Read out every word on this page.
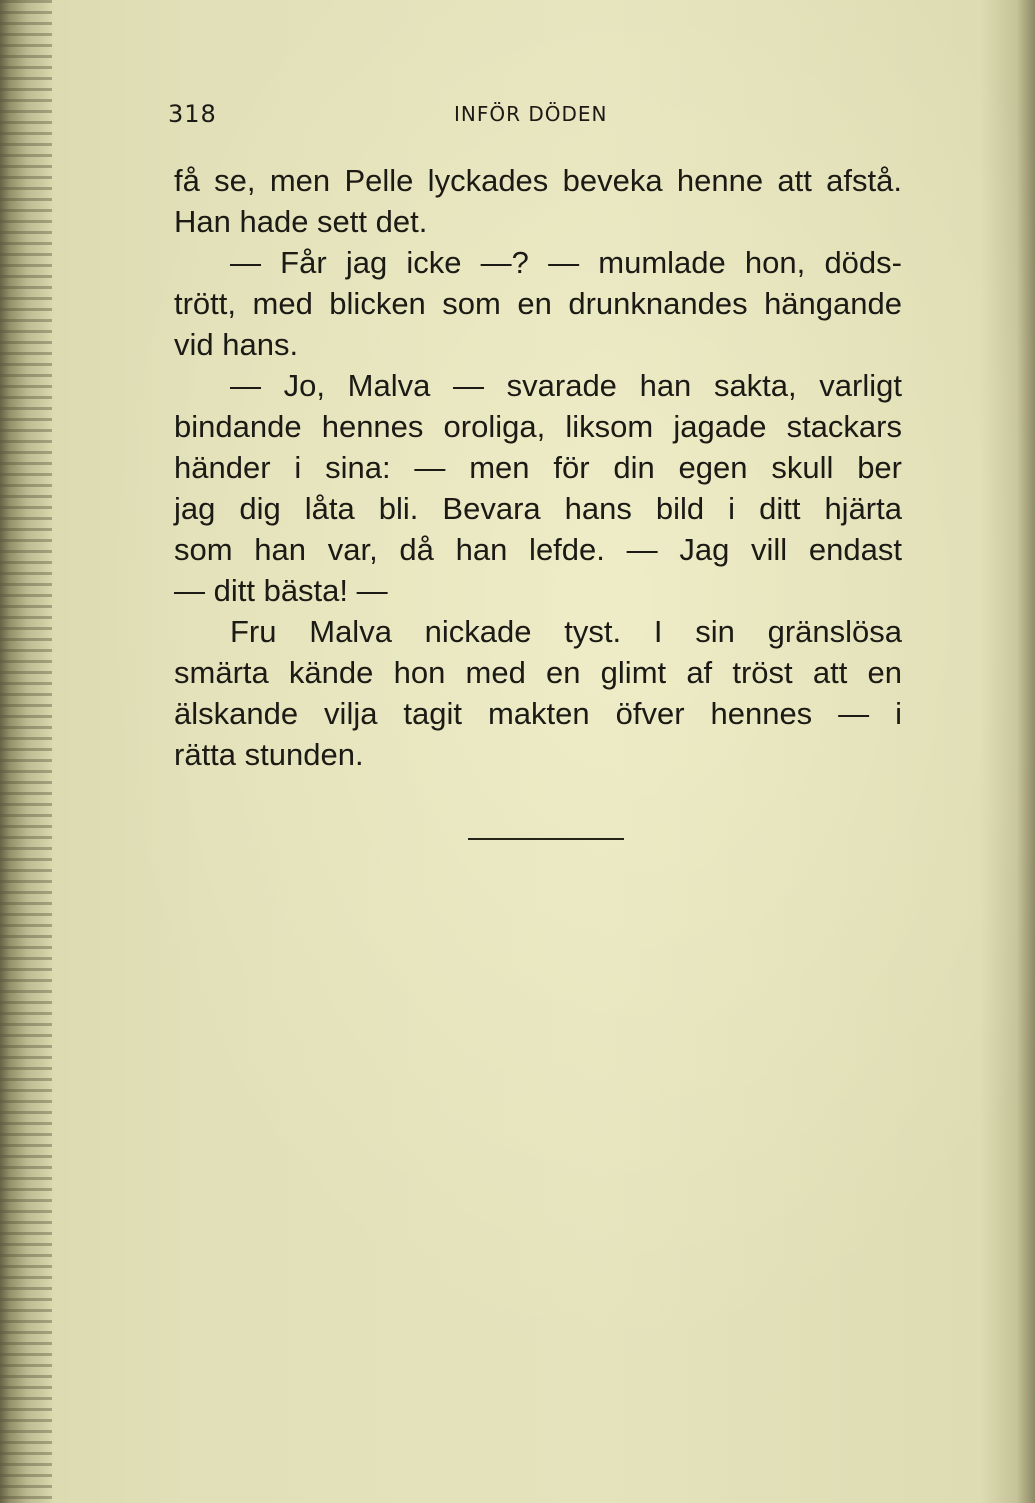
318	INFÖR DÖDEN
få se, men Pelle lyckades beveka henne att afstå.
Han hade sett det.
— Får jag icke —? — mumlade hon, döds-
trött, med blicken som en drunknandes hängande
vid hans.
— Jo, Malva — svarade han sakta, varligt
bindande hennes oroliga, liksom jagade stackars
händer i sina: — men för din egen skull ber
jag dig låta bli. Bevara hans bild i ditt hjärta
som han var, då han lefde. — Jag vill endast
— ditt bästa! —
Fru Malva nickade tyst. I sin gränslösa
smärta kände hon med en glimt af tröst att en
älskande vilja tagit makten öfver hennes — i
rätta stunden.
